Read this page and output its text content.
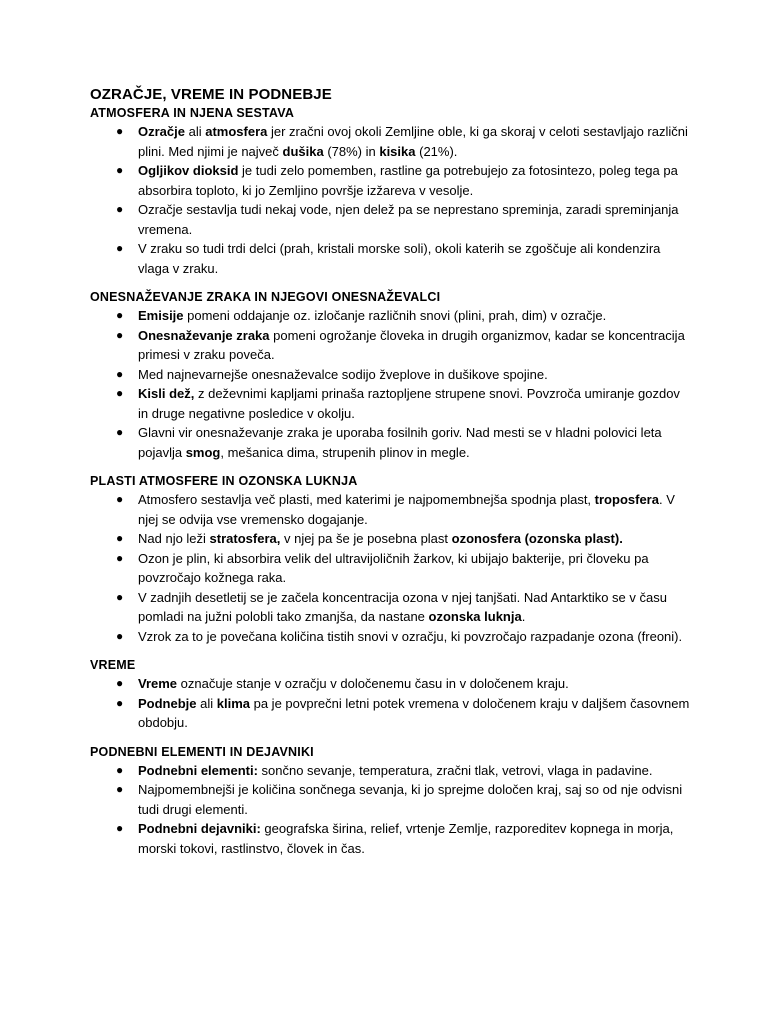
OZRAČJE, VREME IN PODNEBJE
ATMOSFERA IN NJENA SESTAVA
● Ozračje ali atmosfera jer zračni ovoj okoli Zemljine oble, ki ga skoraj v celoti sestavljajo različni plini. Med njimi je največ dušika (78%) in kisika (21%).
● Ogljikov dioksid je tudi zelo pomemben, rastline ga potrebujejo za fotosintezo, poleg tega pa absorbira toploto, ki jo Zemljino površje izžareva v vesolje.
● Ozračje sestavlja tudi nekaj vode, njen delež pa se neprestano spreminja, zaradi spreminjanja vremena.
● V zraku so tudi trdi delci (prah, kristali morske soli), okoli katerih se zgoščuje ali kondenzira vlaga v zraku.
ONESNAŽEVANJE ZRAKA IN NJEGOVI ONESNAŽEVALCI
● Emisije pomeni oddajanje oz. izločanje različnih snovi (plini, prah, dim) v ozračje.
● Onesnaževanje zraka pomeni ogrožanje človeka in drugih organizmov, kadar se koncentracija primesi v zraku poveča.
● Med najnevarnejše onesnaževalce sodijo žveplove in dušikove spojine.
● Kisli dež, z deževnimi kapljami prinaša raztopljene strupene snovi. Povzroča umiranje gozdov in druge negativne posledice v okolju.
● Glavni vir onesnaževanje zraka je uporaba fosilnih goriv. Nad mesti se v hladni polovici leta pojavlja smog, mešanica dima, strupenih plinov in megle.
PLASTI ATMOSFERE IN OZONSKA LUKNJA
● Atmosfero sestavlja več plasti, med katerimi je najpomembnejša spodnja plast, troposfera. V njej se odvija vse vremensko dogajanje.
● Nad njo leži stratosfera, v njej pa še je posebna plast ozonosfera (ozonska plast).
● Ozon je plin, ki absorbira velik del ultravijoličnih žarkov, ki ubijajo bakterije, pri človeku pa povzročajo kožnega raka.
● V zadnjih desetletij se je začela koncentracija ozona v njej tanjšati. Nad Antarktiko se v času pomladi na južni polobli tako zmanjša, da nastane ozonska luknja.
● Vzrok za to je povečana količina tistih snovi v ozračju, ki povzročajo razpadanje ozona (freoni).
VREME
● Vreme označuje stanje v ozračju v določenemu času in v določenem kraju.
● Podnebje ali klima pa je povprečni letni potek vremena v določenem kraju v daljšem časovnem obdobju.
PODNEBNI ELEMENTI IN DEJAVNIKI
● Podnebni elementi: sončno sevanje, temperatura, zračni tlak, vetrovi, vlaga in padavine.
● Najpomembnejši je količina sončnega sevanja, ki jo sprejme določen kraj, saj so od nje odvisni tudi drugi elementi.
● Podnebni dejavniki: geografska širina, relief, vrtenje Zemlje, razporeditev kopnega in morja, morski tokovi, rastlinstvo, človek in čas.
